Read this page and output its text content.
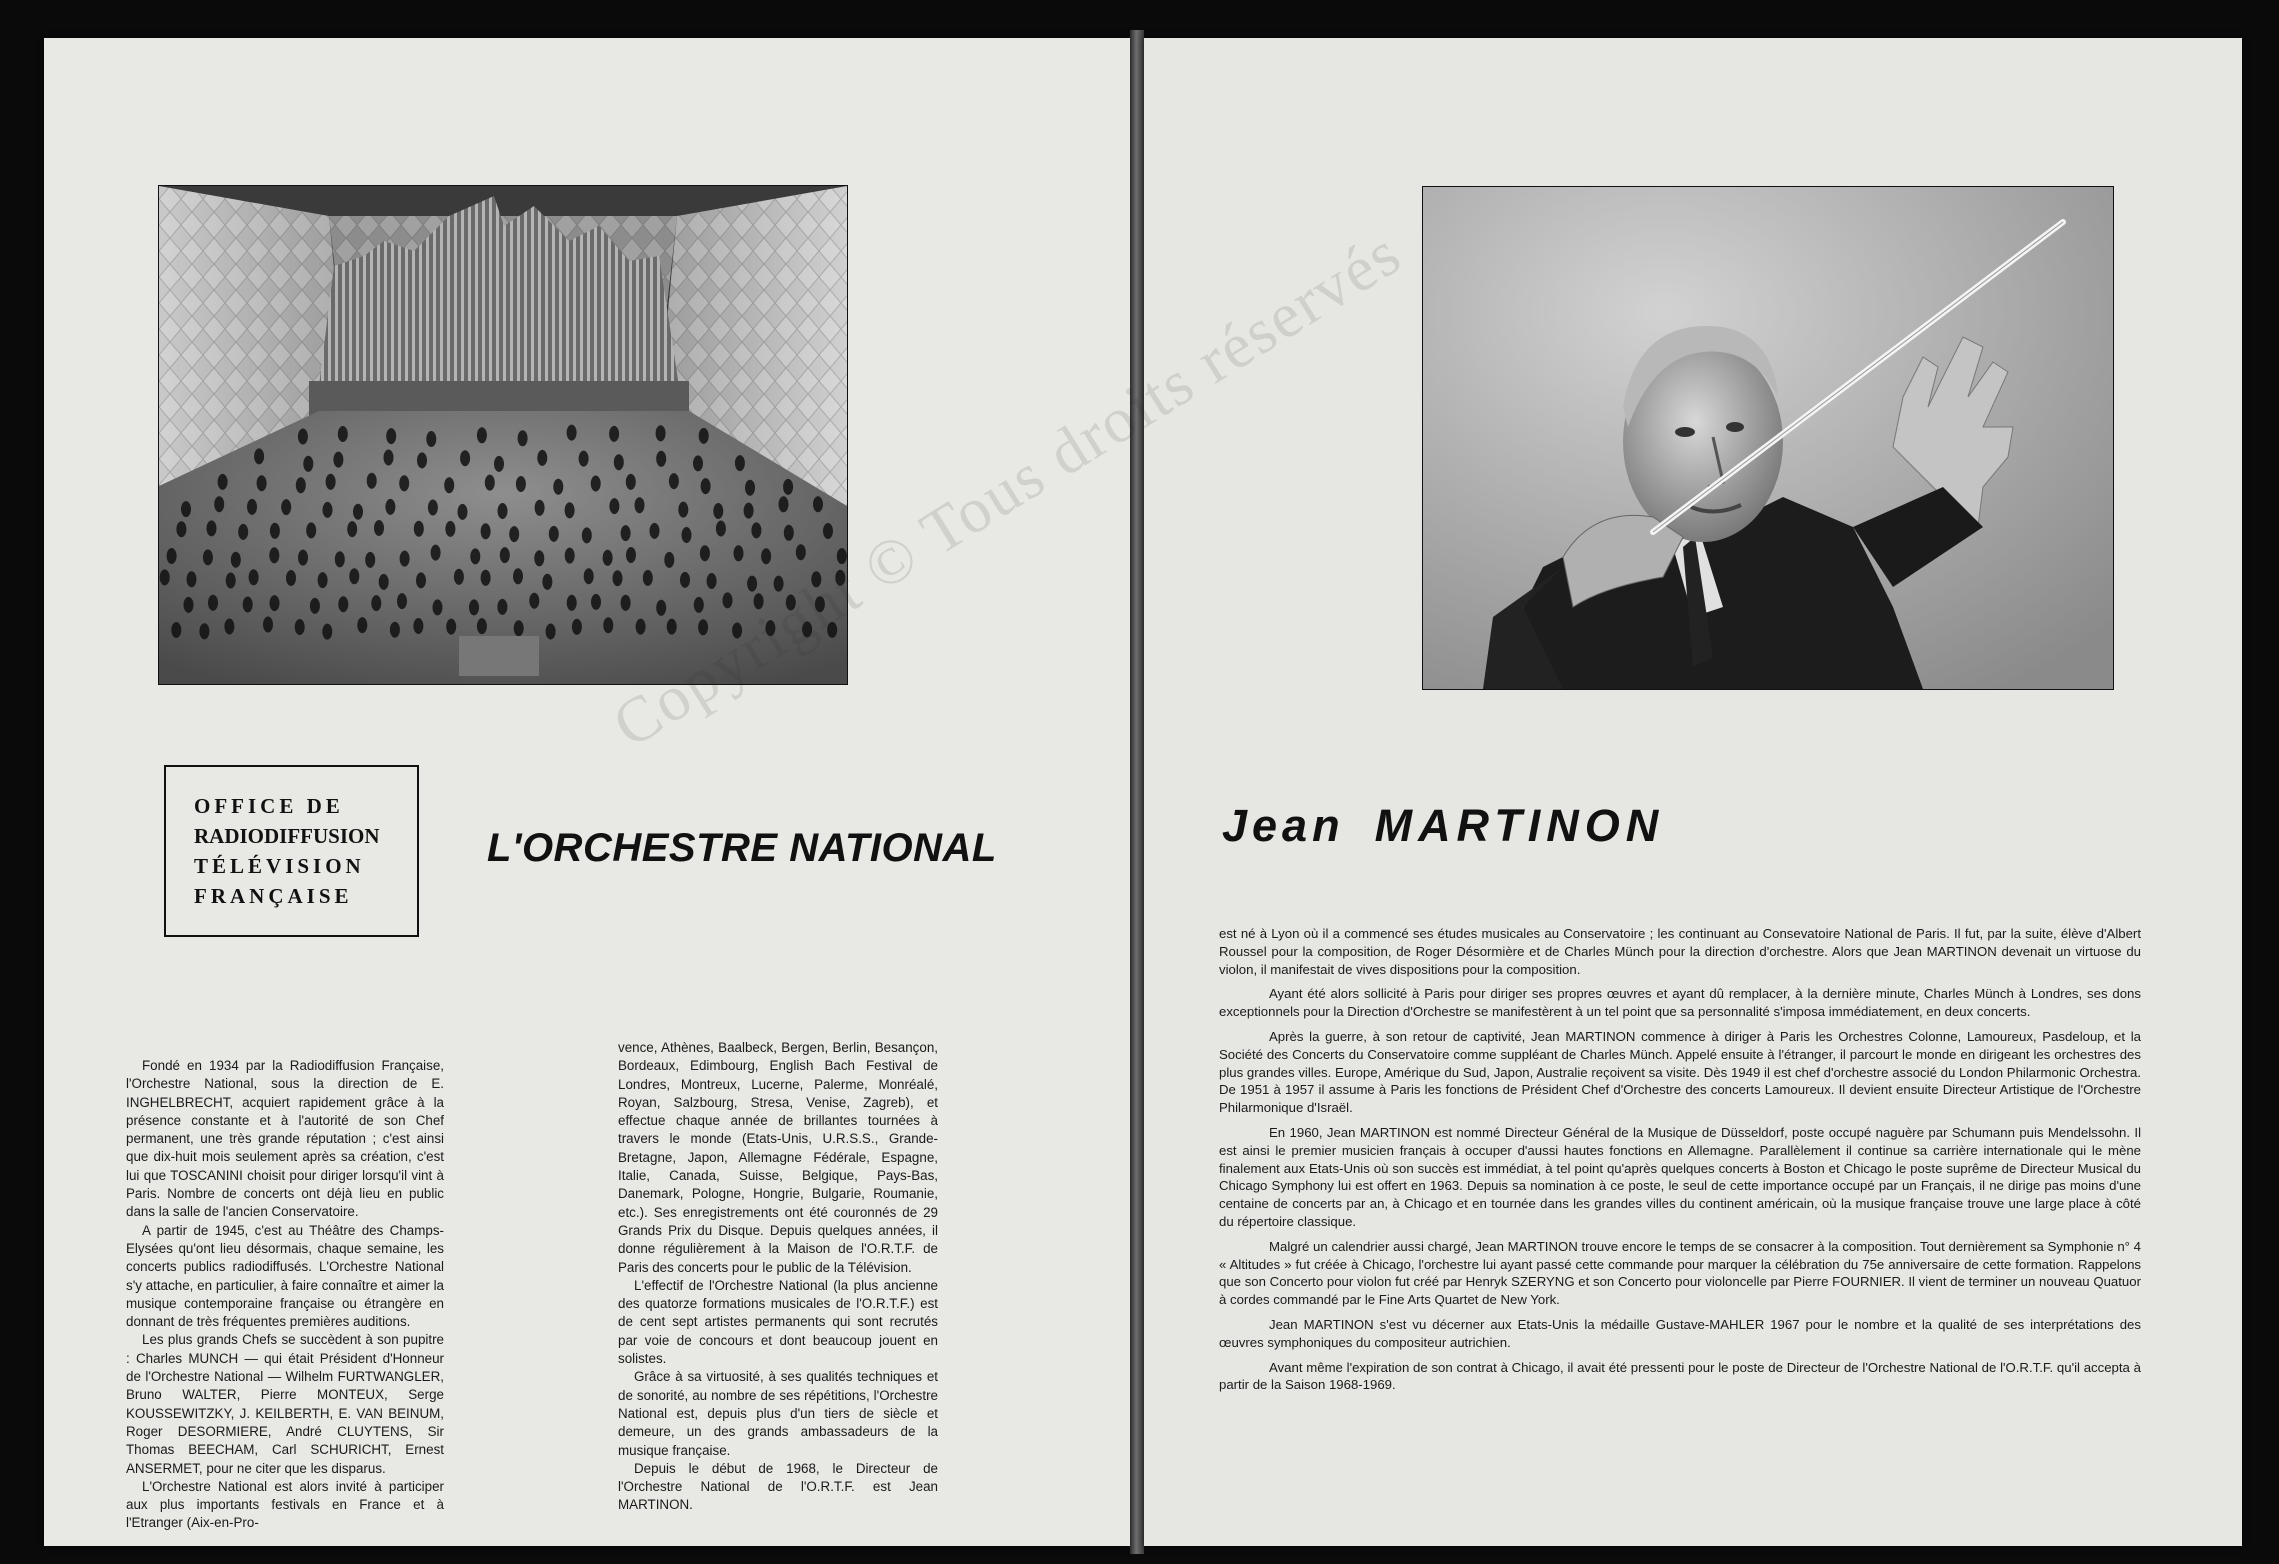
OFFICE DE
RADIODIFFUSION
TÉLÉVISION
FRANÇAISE
L'ORCHESTRE NATIONAL

Fondé en 1934 par la Radiodiffusion Française, l'Orchestre National, sous la direction de E. INGHELBRECHT, acquiert rapidement grâce à la présence constante et à l'autorité de son Chef permanent, une très grande réputation ; c'est ainsi que dix-huit mois seulement après sa création, c'est lui que TOSCANINI choisit pour diriger lorsqu'il vint à Paris. Nombre de concerts ont déjà lieu en public dans la salle de l'ancien Conservatoire.

A partir de 1945, c'est au Théâtre des Champs-Elysées qu'ont lieu désormais, chaque semaine, les concerts publics radiodiffusés. L'Orchestre National s'y attache, en particulier, à faire connaître et aimer la musique contemporaine française ou étrangère en donnant de très fréquentes premières auditions.

Les plus grands Chefs se succèdent à son pupitre : Charles MUNCH — qui était Président d'Honneur de l'Orchestre National — Wilhelm FURTWANGLER, Bruno WALTER, Pierre MONTEUX, Serge KOUSSEWITZKY, J. KEILBERTH, E. VAN BEINUM, Roger DESORMIERE, André CLUYTENS, Sir Thomas BEECHAM, Carl SCHURICHT, Ernest ANSERMET, pour ne citer que les disparus.

L'Orchestre National est alors invité à participer aux plus importants festivals en France et à l'Etranger (Aix-en-Pro-

vence, Athènes, Baalbeck, Bergen, Berlin, Besançon, Bordeaux, Edimbourg, English Bach Festival de Londres, Montreux, Lucerne, Palerme, Monréalé, Royan, Salzbourg, Stresa, Venise, Zagreb), et effectue chaque année de brillantes tournées à travers le monde (Etats-Unis, U.R.S.S., Grande-Bretagne, Japon, Allemagne Fédérale, Espagne, Italie, Canada, Suisse, Belgique, Pays-Bas, Danemark, Pologne, Hongrie, Bulgarie, Roumanie, etc.). Ses enregistrements ont été couronnés de 29 Grands Prix du Disque. Depuis quelques années, il donne régulièrement à la Maison de l'O.R.T.F. de Paris des concerts pour le public de la Télévision.

L'effectif de l'Orchestre National (la plus ancienne des quatorze formations musicales de l'O.R.T.F.) est de cent sept artistes permanents qui sont recrutés par voie de concours et dont beaucoup jouent en solistes.

Grâce à sa virtuosité, à ses qualités techniques et de sonorité, au nombre de ses répétitions, l'Orchestre National est, depuis plus d'un tiers de siècle et demeure, un des grands ambassadeurs de la musique française.

Depuis le début de 1968, le Directeur de l'Orchestre National de l'O.R.T.F. est Jean MARTINON.

Jean MARTINON

est né à Lyon où il a commencé ses études musicales au Conservatoire ; les continuant au Consevatoire National de Paris. Il fut, par la suite, élève d'Albert Roussel pour la composition, de Roger Désormière et de Charles Münch pour la direction d'orchestre. Alors que Jean MARTINON devenait un virtuose du violon, il manifestait de vives dispositions pour la composition.

Ayant été alors sollicité à Paris pour diriger ses propres œuvres et ayant dû remplacer, à la dernière minute, Charles Münch à Londres, ses dons exceptionnels pour la Direction d'Orchestre se manifestèrent à un tel point que sa personnalité s'imposa immédiatement, en deux concerts.

Après la guerre, à son retour de captivité, Jean MARTINON commence à diriger à Paris les Orchestres Colonne, Lamoureux, Pasdeloup, et la Société des Concerts du Conservatoire comme suppléant de Charles Münch. Appelé ensuite à l'étranger, il parcourt le monde en dirigeant les orchestres des plus grandes villes. Europe, Amérique du Sud, Japon, Australie reçoivent sa visite. Dès 1949 il est chef d'orchestre associé du London Philarmonic Orchestra. De 1951 à 1957 il assume à Paris les fonctions de Président Chef d'Orchestre des concerts Lamoureux. Il devient ensuite Directeur Artistique de l'Orchestre Philarmonique d'Israël.

En 1960, Jean MARTINON est nommé Directeur Général de la Musique de Düsseldorf, poste occupé naguère par Schumann puis Mendelssohn. Il est ainsi le premier musicien français à occuper d'aussi hautes fonctions en Allemagne. Parallèlement il continue sa carrière internationale qui le mène finalement aux Etats-Unis où son succès est immédiat, à tel point qu'après quelques concerts à Boston et Chicago le poste suprême de Directeur Musical du Chicago Symphony lui est offert en 1963. Depuis sa nomination à ce poste, le seul de cette importance occupé par un Français, il ne dirige pas moins d'une centaine de concerts par an, à Chicago et en tournée dans les grandes villes du continent américain, où la musique française trouve une large place à côté du répertoire classique.

Malgré un calendrier aussi chargé, Jean MARTINON trouve encore le temps de se consacrer à la composition. Tout dernièrement sa Symphonie n° 4 « Altitudes » fut créée à Chicago, l'orchestre lui ayant passé cette commande pour marquer la célébration du 75e anniversaire de cette formation. Rappelons que son Concerto pour violon fut créé par Henryk SZERYNG et son Concerto pour violoncelle par Pierre FOURNIER. Il vient de terminer un nouveau Quatuor à cordes commandé par le Fine Arts Quartet de New York.

Jean MARTINON s'est vu décerner aux Etats-Unis la médaille Gustave-MAHLER 1967 pour le nombre et la qualité de ses interprétations des œuvres symphoniques du compositeur autrichien.

Avant même l'expiration de son contrat à Chicago, il avait été pressenti pour le poste de Directeur de l'Orchestre National de l'O.R.T.F. qu'il accepta à partir de la Saison 1968-1969.
